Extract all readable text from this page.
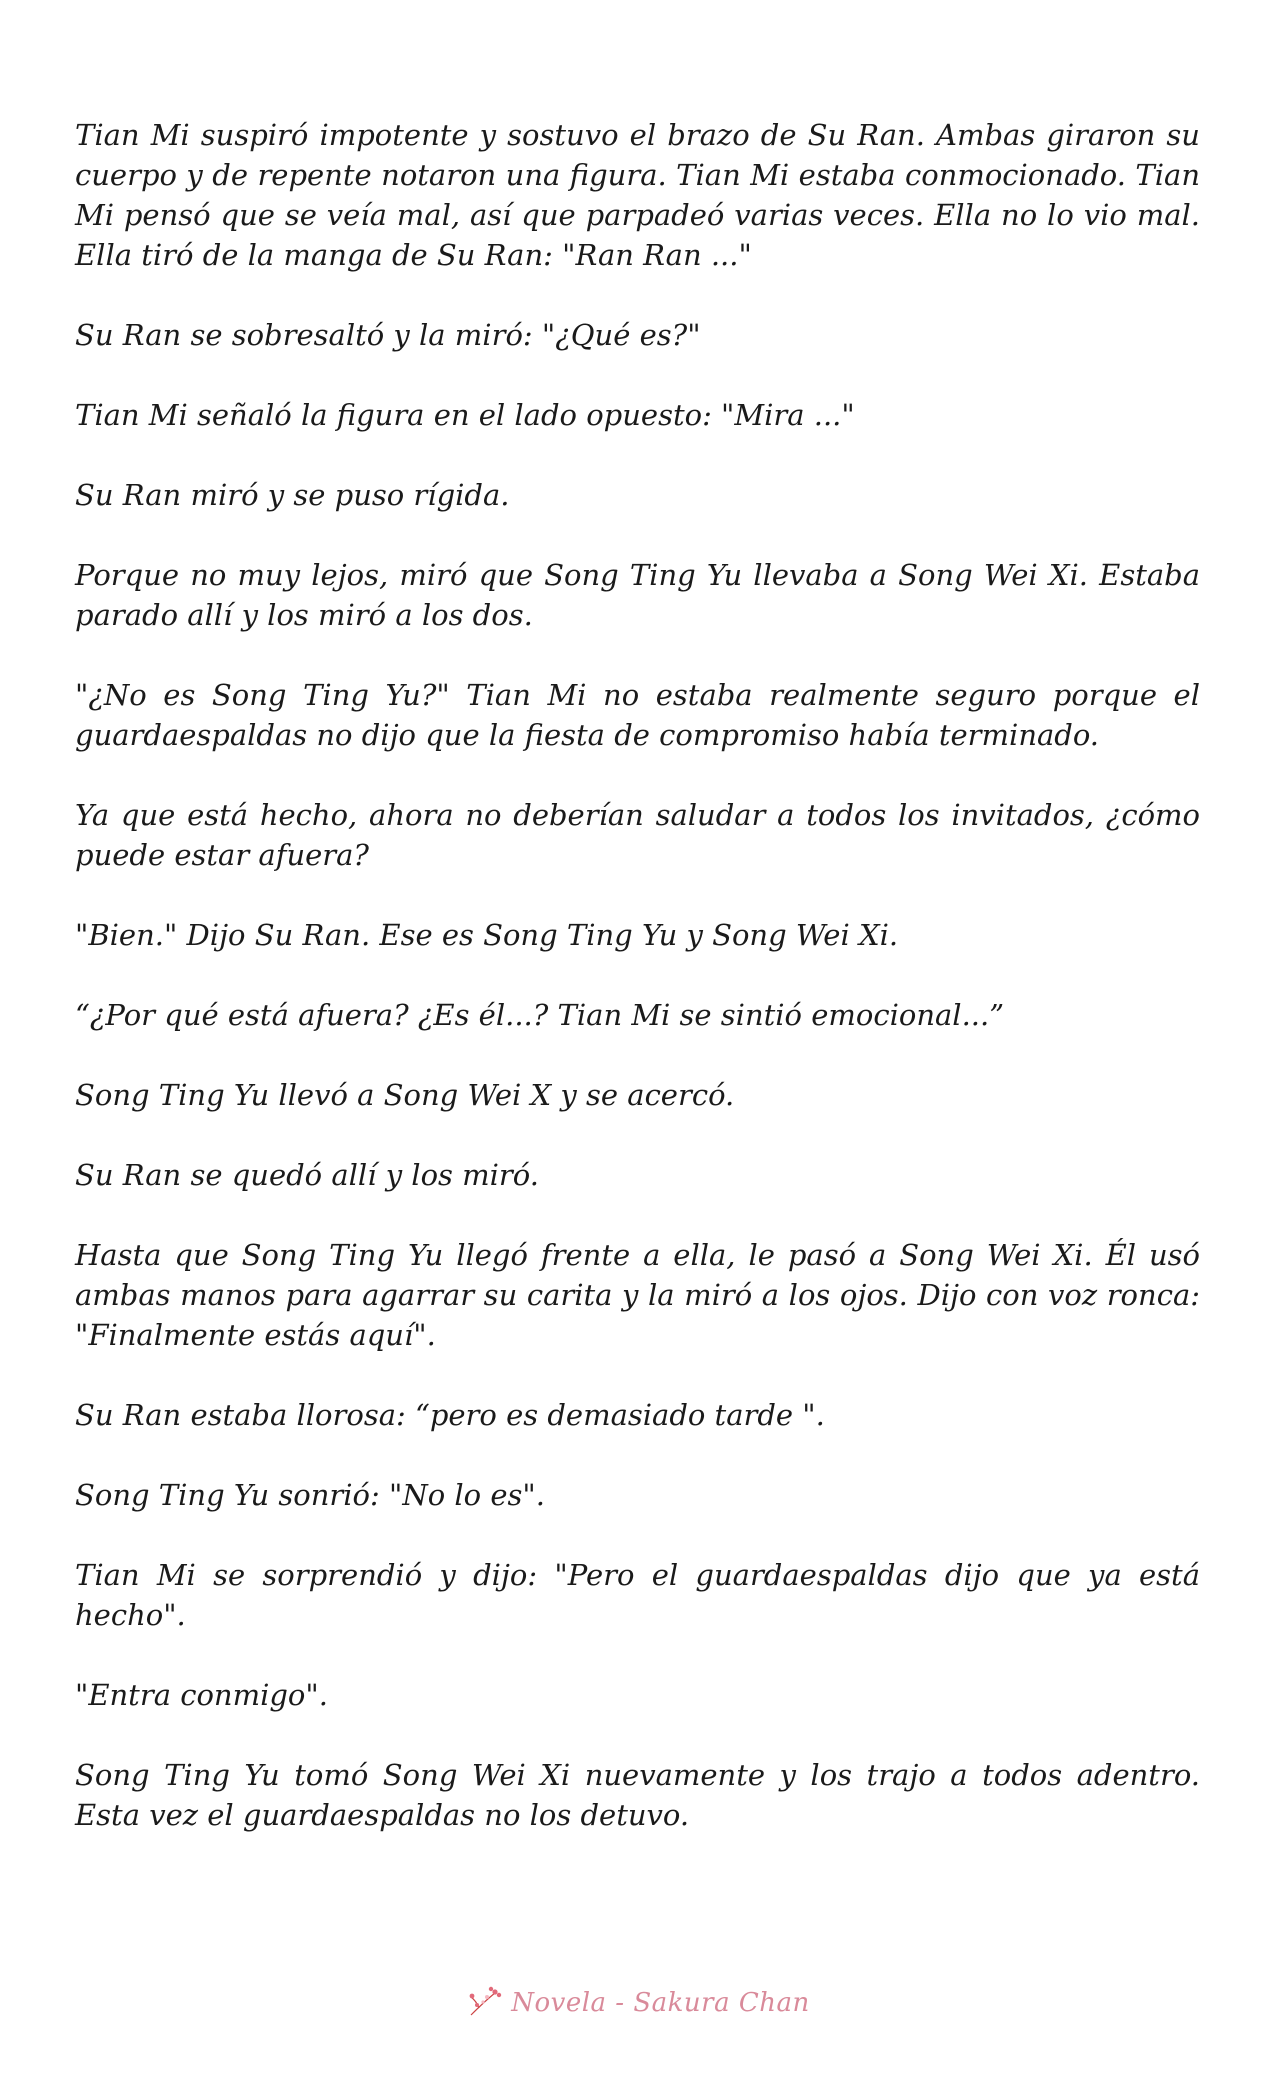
Tian Mi suspiró impotente y sostuvo el brazo de Su Ran. Ambas giraron su cuerpo y de repente notaron una figura. Tian Mi estaba conmocionado. Tian Mi pensó que se veía mal, así que parpadeó varias veces. Ella no lo vio mal. Ella tiró de la manga de Su Ran: "Ran Ran ..."

Su Ran se sobresaltó y la miró: "¿Qué es?"

Tian Mi señaló la figura en el lado opuesto: "Mira ..."

Su Ran miró y se puso rígida.

Porque no muy lejos, miró que Song Ting Yu llevaba a Song Wei Xi. Estaba parado allí y los miró a los dos.

"¿No es Song Ting Yu?" Tian Mi no estaba realmente seguro porque el guardaespaldas no dijo que la fiesta de compromiso había terminado.

Ya que está hecho, ahora no deberían saludar a todos los invitados, ¿cómo puede estar afuera?

"Bien." Dijo Su Ran. Ese es Song Ting Yu y Song Wei Xi.

“¿Por qué está afuera? ¿Es él...? Tian Mi se sintió emocional...”

Song Ting Yu llevó a Song Wei X y se acercó.

Su Ran se quedó allí y los miró.

Hasta que Song Ting Yu llegó frente a ella, le pasó a Song Wei Xi. Él usó ambas manos para agarrar su carita y la miró a los ojos. Dijo con voz ronca: "Finalmente estás aquí".

Su Ran estaba llorosa: “pero es demasiado tarde ".

Song Ting Yu sonrió: "No lo es".

Tian Mi se sorprendió y dijo: "Pero el guardaespaldas dijo que ya está hecho".

"Entra conmigo".

Song Ting Yu tomó Song Wei Xi nuevamente y los trajo a todos adentro. Esta vez el guardaespaldas no los detuvo.

Novela - Sakura Chan
